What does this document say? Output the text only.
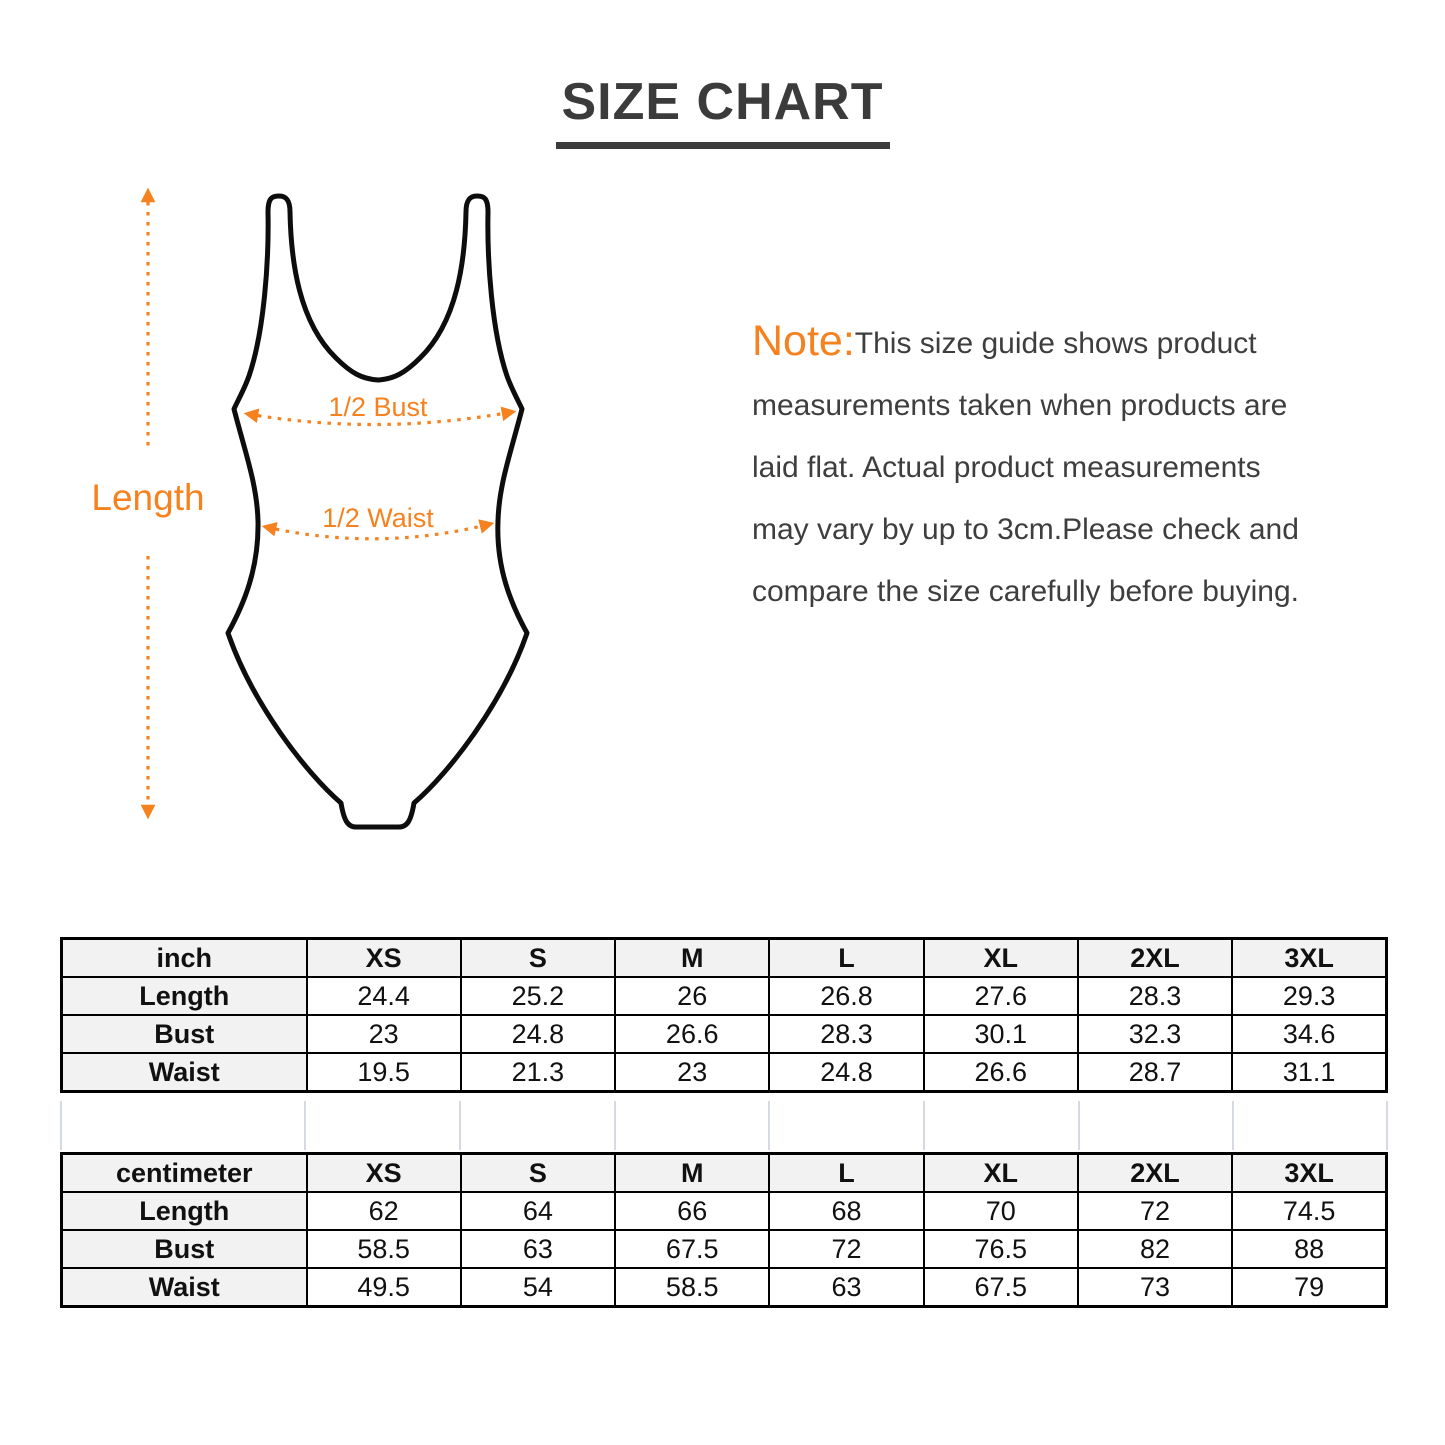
SIZE CHART
Length
1/2 Bust
1/2 Waist
Note:This size guide shows product
measurements taken when products are
laid flat. Actual product measurements
may vary by up to 3cm.Please check and
compare the size carefully before buying.
inch	XS	S	M	L	XL	2XL	3XL
Length	24.4	25.2	26	26.8	27.6	28.3	29.3
Bust	23	24.8	26.6	28.3	30.1	32.3	34.6
Waist	19.5	21.3	23	24.8	26.6	28.7	31.1
centimeter	XS	S	M	L	XL	2XL	3XL
Length	62	64	66	68	70	72	74.5
Bust	58.5	63	67.5	72	76.5	82	88
Waist	49.5	54	58.5	63	67.5	73	79
